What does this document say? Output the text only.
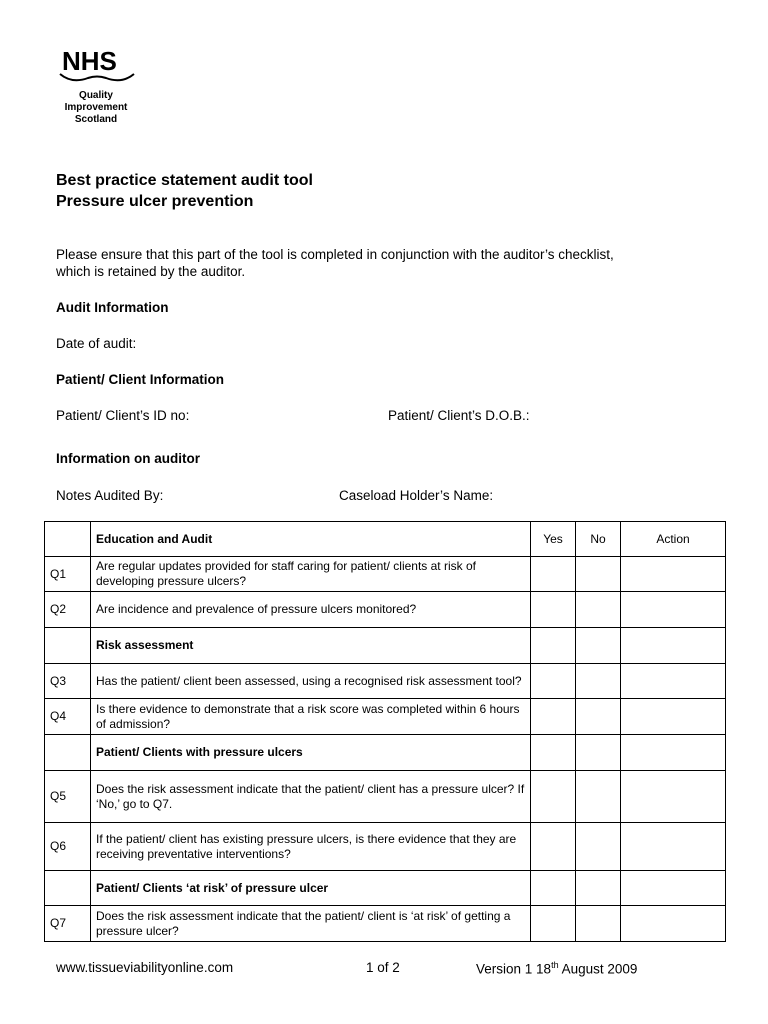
NHS
Quality
Improvement
Scotland
Best practice statement audit tool
Pressure ulcer prevention
Please ensure that this part of the tool is completed in conjunction with the auditor’s checklist, which is retained by the auditor.
Audit Information
Date of audit:
Patient/ Client Information
Patient/ Client’s ID no:	Patient/ Client’s D.O.B.:
Information on auditor
Notes Audited By:	Caseload Holder’s Name:
	Education and Audit	Yes	No	Action
Q1	Are regular updates provided for staff caring for patient/ clients at risk of developing pressure ulcers?			
Q2	Are incidence and prevalence of pressure ulcers monitored?			
	Risk assessment			
Q3	Has the patient/ client been assessed, using a recognised risk assessment tool?			
Q4	Is there evidence to demonstrate that a risk score was completed within 6 hours of admission?			
	Patient/ Clients with pressure ulcers			
Q5	Does the risk assessment indicate that the patient/ client has a pressure ulcer? If ‘No,’ go to Q7.			
Q6	If the patient/ client has existing pressure ulcers, is there evidence that they are receiving preventative interventions?			
	Patient/ Clients ‘at risk’ of pressure ulcer			
Q7	Does the risk assessment indicate that the patient/ client is ‘at risk’ of getting a pressure ulcer?			
www.tissueviabilityonline.com	1 of 2	Version 1 18th August 2009
